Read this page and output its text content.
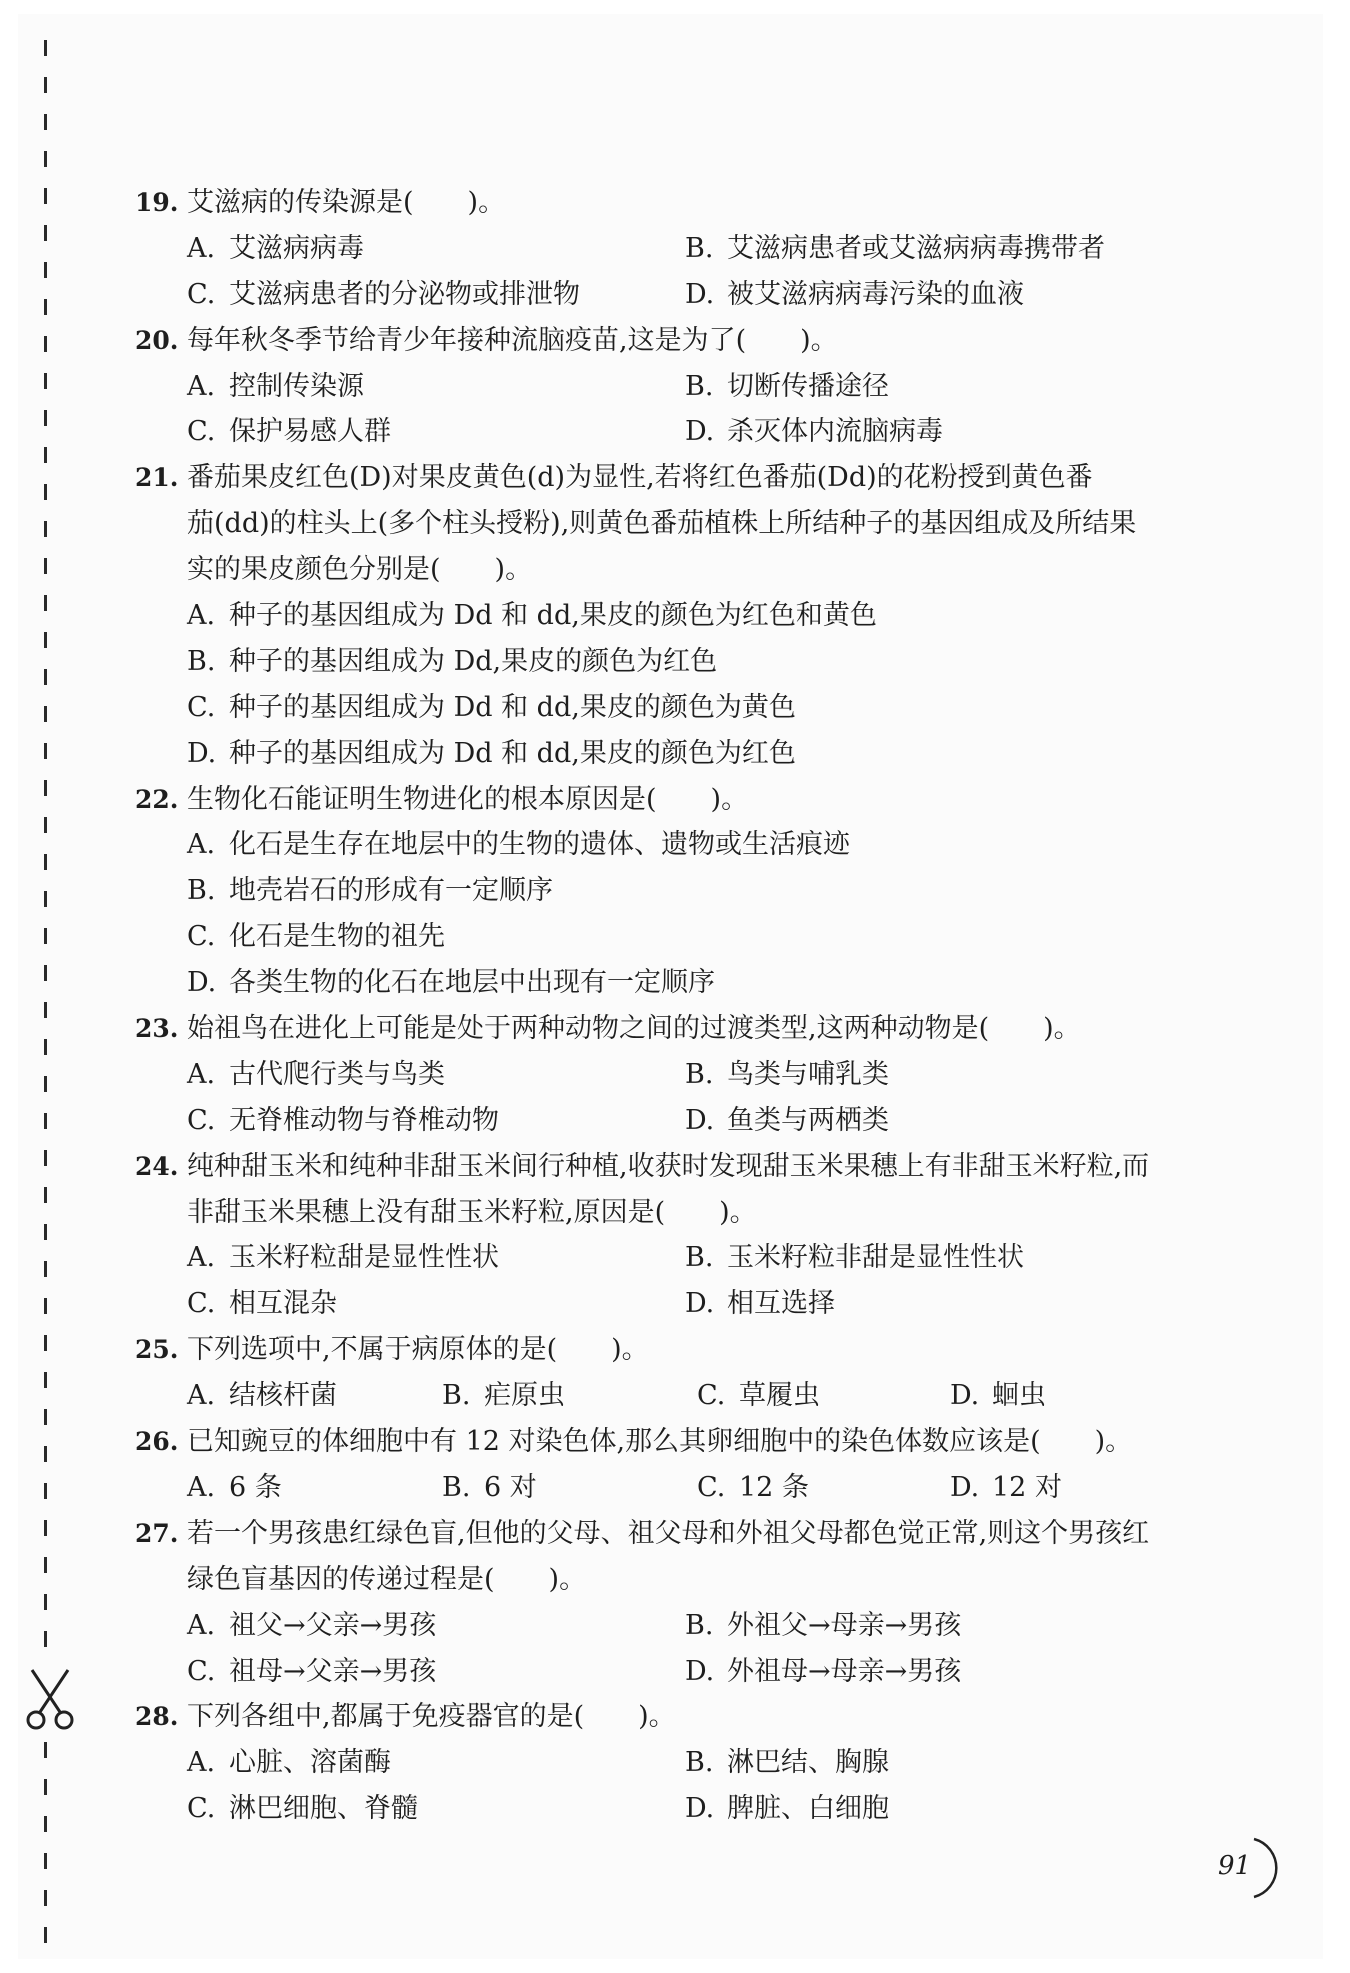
19. 艾滋病的传染源是(　　)。
A. 艾滋病病毒	B. 艾滋病患者或艾滋病病毒携带者
C. 艾滋病患者的分泌物或排泄物	D. 被艾滋病病毒污染的血液
20. 每年秋冬季节给青少年接种流脑疫苗,这是为了(　　)。
A. 控制传染源	B. 切断传播途径
C. 保护易感人群	D. 杀灭体内流脑病毒
21. 番茄果皮红色(D)对果皮黄色(d)为显性,若将红色番茄(Dd)的花粉授到黄色番
茄(dd)的柱头上(多个柱头授粉),则黄色番茄植株上所结种子的基因组成及所结果
实的果皮颜色分别是(　　)。
A. 种子的基因组成为 Dd 和 dd,果皮的颜色为红色和黄色
B. 种子的基因组成为 Dd,果皮的颜色为红色
C. 种子的基因组成为 Dd 和 dd,果皮的颜色为黄色
D. 种子的基因组成为 Dd 和 dd,果皮的颜色为红色
22. 生物化石能证明生物进化的根本原因是(　　)。
A. 化石是生存在地层中的生物的遗体、遗物或生活痕迹
B. 地壳岩石的形成有一定顺序
C. 化石是生物的祖先
D. 各类生物的化石在地层中出现有一定顺序
23. 始祖鸟在进化上可能是处于两种动物之间的过渡类型,这两种动物是(　　)。
A. 古代爬行类与鸟类	B. 鸟类与哺乳类
C. 无脊椎动物与脊椎动物	D. 鱼类与两栖类
24. 纯种甜玉米和纯种非甜玉米间行种植,收获时发现甜玉米果穗上有非甜玉米籽粒,而
非甜玉米果穗上没有甜玉米籽粒,原因是(　　)。
A. 玉米籽粒甜是显性性状	B. 玉米籽粒非甜是显性性状
C. 相互混杂	D. 相互选择
25. 下列选项中,不属于病原体的是(　　)。
A. 结核杆菌	B. 疟原虫	C. 草履虫	D. 蛔虫
26. 已知豌豆的体细胞中有 12 对染色体,那么其卵细胞中的染色体数应该是(　　)。
A. 6 条	B. 6 对	C. 12 条	D. 12 对
27. 若一个男孩患红绿色盲,但他的父母、祖父母和外祖父母都色觉正常,则这个男孩红
绿色盲基因的传递过程是(　　)。
A. 祖父→父亲→男孩	B. 外祖父→母亲→男孩
C. 祖母→父亲→男孩	D. 外祖母→母亲→男孩
28. 下列各组中,都属于免疫器官的是(　　)。
A. 心脏、溶菌酶	B. 淋巴结、胸腺
C. 淋巴细胞、脊髓	D. 脾脏、白细胞
91
